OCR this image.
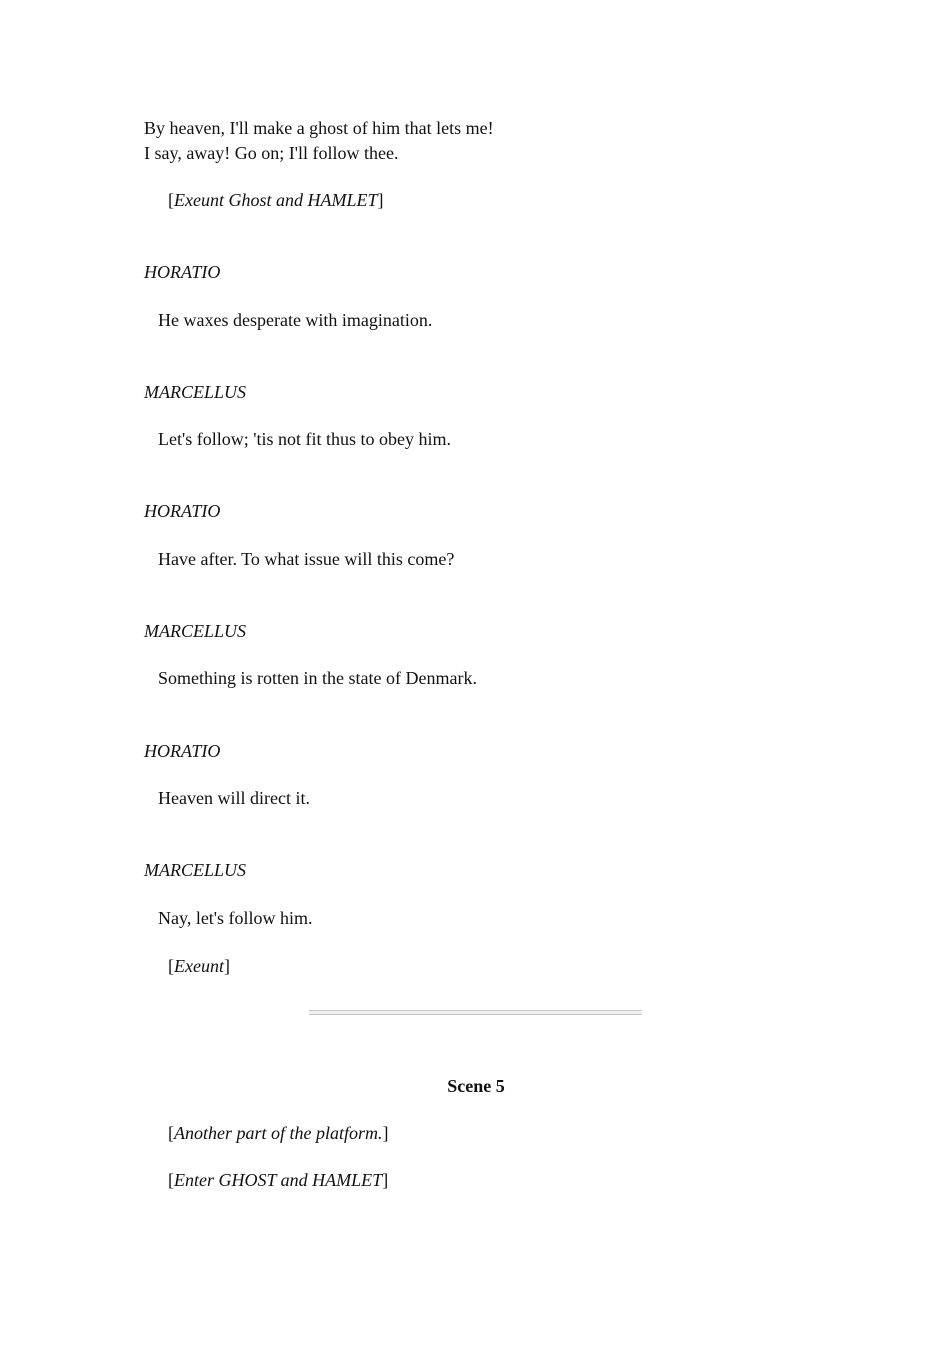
By heaven, I'll make a ghost of him that lets me!
I say, away! Go on; I'll follow thee.
[Exeunt Ghost and HAMLET]
HORATIO
He waxes desperate with imagination.
MARCELLUS
Let's follow; 'tis not fit thus to obey him.
HORATIO
Have after. To what issue will this come?
MARCELLUS
Something is rotten in the state of Denmark.
HORATIO
Heaven will direct it.
MARCELLUS
Nay, let's follow him.
[Exeunt]
Scene 5
[Another part of the platform.]
[Enter GHOST and HAMLET]
